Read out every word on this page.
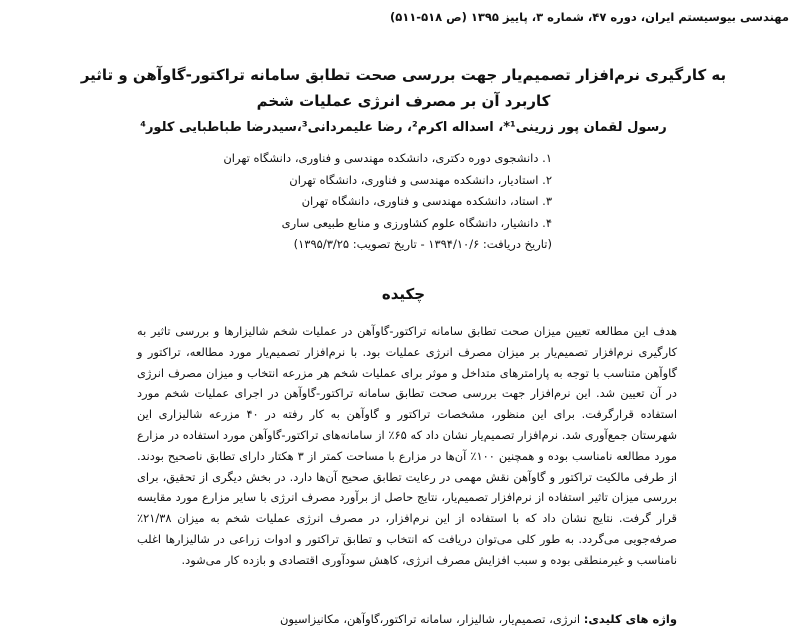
مهندسی بیوسیستم ایران، دوره ۴۷، شماره ۳، پاییز ۱۳۹۵ (ص ۵۱۸-۵۱۱)
به کارگیری نرم‌افزار تصمیم‌یار جهت بررسی صحت تطابق سامانه تراکتور-گاوآهن و تاثیر کاربرد آن بر مصرف انرژی عملیات شخم
رسول لقمان پور زرینی¹*، اسداله اکرم²، رضا علیمردانی³،سیدرضا طباطبایی کلور⁴
۱. دانشجوی دوره دکتری، دانشکده مهندسی و فناوری، دانشگاه تهران
۲. استادیار، دانشکده مهندسی و فناوری، دانشگاه تهران
۳. استاد، دانشکده مهندسی و فناوری، دانشگاه تهران
۴. دانشیار، دانشگاه علوم کشاورزی و منابع طبیعی ساری
(تاریخ دریافت: ۱۳۹۴/۱۰/۶ - تاریخ تصویب: ۱۳۹۵/۳/۲۵)
چکیده
هدف این مطالعه تعیین میزان صحت تطابق سامانه تراکتور-گاوآهن در عملیات شخم شالیزارها و بررسی تاثیر به کارگیری نرم‌افزار تصمیم‌یار بر میزان مصرف انرژی عملیات بود. با نرم‌افزار تصمیم‌یار مورد مطالعه، تراکتور و گاوآهن متناسب با توجه به پارامترهای متداخل و موثر برای عملیات شخم هر مزرعه انتخاب و میزان مصرف انرژی در آن تعیین شد. این نرم‌افزار جهت بررسی صحت تطابق سامانه تراکتور-گاوآهن در اجرای عملیات شخم مورد استفاده قرارگرفت. برای این منظور، مشخصات تراکتور و گاوآهن به کار رفته در ۴۰ مزرعه شالیزاری این شهرستان جمع‌آوری شد. نرم‌افزار تصمیم‌یار نشان داد که ۶۵٪ از سامانه‌های تراکتور-گاوآهن مورد استفاده در مزارع مورد مطالعه نامناسب بوده و همچنین ۱۰۰٪ آن‌ها در مزارع با مساحت کمتر از ۳ هکتار دارای تطابق ناصحیح بودند. از طرفی مالکیت تراکتور و گاوآهن نقش مهمی در رعایت تطابق صحیح آن‌ها دارد. در بخش دیگری از تحقیق، برای بررسی میزان تاثیر استفاده از نرم‌افزار تصمیم‌یار، نتایج حاصل از برآورد مصرف انرژی با سایر مزارع مورد مقایسه قرار گرفت. نتایج نشان داد که با استفاده از این نرم‌افزار، در مصرف انرژی عملیات شخم به میزان ۲۱/۳۸٪ صرفه‌جویی می‌گردد. به طور کلی می‌توان دریافت که انتخاب و تطابق تراکتور و ادوات زراعی در شالیزارها اغلب نامناسب و غیرمنطقی بوده و سبب افزایش مصرف انرژی، کاهش سودآوری اقتصادی و بازده کار می‌شود.
واژه های کلیدی: انرژی، تصمیم‌یار، شالیزار، سامانه تراکتور،گاوآهن، مکانیزاسیون
